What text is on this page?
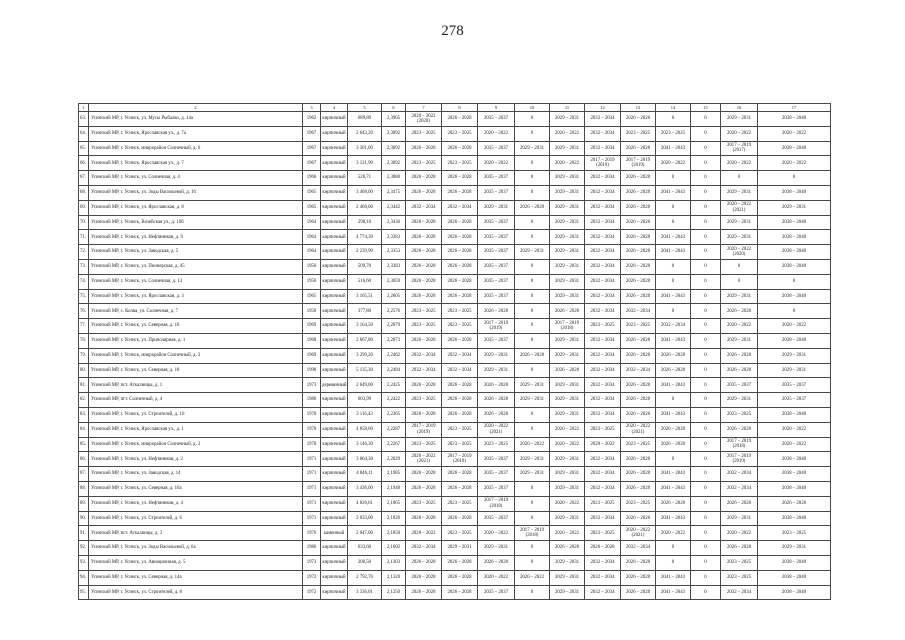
278
1	2	3	4	5	6	7	8	9	10	11	12	13	14	15	16	17
63.	Усинский МР, г. Усинск, ул. Мусы Рыбалко, д. 14а	1962	кирпичный	689,80	2,3905	2020 – 2022 (2020)	2026 – 2028	2035 – 2037	0	2029 – 2031	2032 – 2034	2026 – 2028	0	0	2029 – 2031	2038 – 2040
64.	Усинский МР, г. Усинск, Ярославская ул., д. 7а	1967	кирпичный	2 642,20	2,3892	2023 – 2025	2023 – 2025	2020 – 2022	0	2020 – 2022	2032 – 2034	2023 – 2025	2023 – 2025	0	2020 – 2022	2020 – 2022
65.	Усинский МР, г. Усинск, микрорайон Солнечный, д. 6	1967	кирпичный	3 301,00	2,3892	2026 – 2028	2026 – 2028	2035 – 2037	2029 – 2031	2029 – 2031	2032 – 2034	2026 – 2028	2041 – 2043	0	2017 – 2019 (2017)	2038 – 2040
66.	Усинский МР, г. Усинск, Ярославская ул., д. 7	1967	кирпичный	3 121,90	2,3892	2023 – 2025	2023 – 2025	2020 – 2022	0	2020 – 2022	2017 – 2019 (2019)	2017 – 2019 (2019)	2020 – 2022	0	2020 – 2022	2020 – 2022
67.	Усинский МР, г. Усинск, ул. Солнечная, д. 4	1966	кирпичный	528,71	2,3880	2026 – 2028	2026 – 2028	2035 – 2037	0	2029 – 2031	2032 – 2034	2026 – 2028	0	0	0	0
68.	Усинский МР, г. Усинск, ул. Зоды Васильевой, д. 16	1965	кирпичный	3 468,00	2,3475	2026 – 2028	2026 – 2028	2035 – 2037	0	2029 – 2031	2032 – 2034	2026 – 2028	2041 – 2043	0	2029 – 2031	2038 – 2040
69.	Усинский МР, г. Усинск, ул. Ярославская, д. 8	1965	кирпичный	2 460,00	2,3442	2032 – 2034	2032 – 2034	2029 – 2031	2026 – 2028	2029 – 2031	2032 – 2034	2026 – 2028	0	0	2020 – 2022 (2021)	2029 – 2031
70.	Усинский МР, г. Усинск, Возейская ул., д. 10б	1964	кирпичный	298,10	2,3436	2026 – 2028	2026 – 2028	2035 – 2037	0	2029 – 2031	2032 – 2034	2026 – 2028	0	0	2029 – 2031	2038 – 2040
71.	Усинский МР, г. Усинск, ул. Нефтяников, д. 6	1964	кирпичный	4 774,30	2,3383	2026 – 2028	2026 – 2028	2035 – 2037	0	2029 – 2031	2032 – 2034	2026 – 2028	2041 – 2043	0	2029 – 2031	2038 – 2040
72.	Усинский МР, г. Усинск, ул. Заводская, д. 5	1964	кирпичный	2 239,90	2,3353	2026 – 2028	2026 – 2028	2035 – 2037	2029 – 2031	2029 – 2031	2032 – 2034	2026 – 2028	2041 – 2043	0	2020 – 2022 (2020)	2038 – 2040
73.	Усинский МР, г. Усинск, ул. Пионерская, д. 45	1956	кирпичный	509,70	2,3383	2026 – 2028	2026 – 2028	2035 – 2037	0	2029 – 2031	2032 – 2034	2026 – 2028	0	0	0	2038 – 2040
74.	Усинский МР, г. Усинск, ул. Солнечная, д. 13	1956	кирпичный	516,60	2,3059	2026 – 2028	2026 – 2028	2035 – 2037	0	2029 – 2031	2032 – 2034	2026 – 2028	0	0	0	0
75.	Усинский МР, г. Усинск, ул. Ярославская, д. 3	1965	кирпичный	3 165,51	2,2605	2026 – 2028	2026 – 2028	2035 – 2037	0	2029 – 2031	2032 – 2034	2026 – 2028	2041 – 2043	0	2029 – 2031	2038 – 2040
76.	Усинский МР, с. Колва, ул. Солнечная, д. 7	1950	кирпичный	377,80	2,2576	2023 – 2025	2023 – 2025	2026 – 2028	0	2026 – 2028	2032 – 2034	2032 – 2034	0	0	2026 – 2028	0
77.	Усинский МР, г. Усинск, ул. Северная, д. 16	1969	кирпичный	3 164,50	2,2879	2023 – 2025	2023 – 2025	2017 – 2019 (2019)	0	2017 – 2019 (2018)	2023 – 2025	2023 – 2025	2032 – 2034	0	2020 – 2022	2020 – 2022
78.	Усинский МР, г. Усинск, ул. Приполярная, д. 1	1968	кирпичный	2 667,80	2,2873	2026 – 2028	2026 – 2028	2035 – 2037	0	2029 – 2031	2032 – 2034	2026 – 2028	2041 – 2043	0	2029 – 2031	2038 – 2040
79.	Усинский МР, г. Усинск, микрорайон Солнечный, д. 3	1969	кирпичный	3 299,20	2,2462	2032 – 2034	2032 – 2034	2029 – 2031	2026 – 2028	2029 – 2031	2032 – 2034	2026 – 2028	2026 – 2028	0	2026 – 2028	2029 – 2031
80.	Усинский МР, г. Усинск, ул. Северная, д. 18	1990	кирпичный	5 135,30	2,2484	2032 – 2034	2032 – 2034	2029 – 2031	0	2026 – 2028	2032 – 2034	2032 – 2034	2026 – 2028	0	2026 – 2028	2029 – 2031
81.	Усинский МР, пст. Аткалинцы, д. 1	1973	деревянный	2 649,00	2,2425	2026 – 2028	2026 – 2028	2026 – 2028	2029 – 2031	2029 – 2031	2032 – 2034	2026 – 2028	2041 – 2043	0	2035 – 2037	2035 – 2037
82.	Усинский МР, пгт. Солнечный, д. 4	1986	кирпичный	603,99	2,2422	2023 – 2025	2026 – 2028	2026 – 2028	2029 – 2031	2029 – 2031	2032 – 2034	2026 – 2028	0	0	2029 – 2031	2035 – 2037
83.	Усинский МР, г. Усинск, ул. Строителей, д. 10	1970	кирпичный	3 116,43	2,2365	2026 – 2028	2026 – 2028	2026 – 2028	0	2029 – 2031	2032 – 2034	2026 – 2028	2041 – 2043	0	2023 – 2025	2038 – 2040
84.	Усинский МР, г. Усинск, Ярославская ул., д. 1	1970	кирпичный	4 858,60	2,2287	2017 – 2019 (2019)	2023 – 2025	2020 – 2022 (2021)	0	2020 – 2022	2023 – 2025	2020 – 2022 (2021)	2026 – 2028	0	2026 – 2028	2020 – 2022
85.	Усинский МР, г. Усинск, микрорайон Солнечный, д. 2	1970	кирпичный	3 146,30	2,2267	2023 – 2025	2023 – 2025	2023 – 2025	2020 – 2022	2020 – 2022	2020 – 2022	2023 – 2025	2026 – 2028	0	2017 – 2019 (2018)	2020 – 2022
86.	Усинский МР, г. Усинск, ул. Нефтяников, д. 2	1971	кирпичный	3 664,30	2,2029	2020 – 2022 (2021)	2017 – 2019 (2019)	2035 – 2037	2029 – 2031	2029 – 2031	2032 – 2034	2026 – 2028	0	0	2017 – 2019 (2019)	2038 – 2040
87.	Усинский МР, г. Усинск, ул. Заводская, д. 14	1971	кирпичный	4 846,11	2,1985	2026 – 2028	2026 – 2028	2035 – 2037	2029 – 2031	2029 – 2031	2032 – 2034	2026 – 2028	2041 – 2043	0	2032 – 2034	2038 – 2040
88.	Усинский МР, г. Усинск, ул. Северная, д. 16а	1971	кирпичный	3 436,00	2,1948	2026 – 2028	2026 – 2028	2035 – 2037	0	2029 – 2031	2032 – 2034	2026 – 2028	2041 – 2043	0	2032 – 2034	2038 – 2040
89.	Усинский МР, г. Усинск, ул. Нефтяников, д. 4	1971	кирпичный	4 826,61	2,1865	2023 – 2025	2023 – 2025	2017 – 2019 (2018)	0	2020 – 2022	2023 – 2025	2023 – 2025	2026 – 2028	0	2026 – 2028	2026 – 2028
90.	Усинский МР, г. Усинск, ул. Строителей, д. 6	1971	кирпичный	2 033,00	2,1826	2026 – 2028	2026 – 2028	2035 – 2037	0	2029 – 2031	2032 – 2034	2026 – 2028	2041 – 2043	0	2029 – 2031	2038 – 2040
91.	Усинский МР, пст. Аткалинцы, д. 3	1976	каменный	2 647,00	2,1850	2020 – 2022	2023 – 2025	2020 – 2022	2017 – 2019 (2018)	2020 – 2022	2023 – 2025	2020 – 2022 (2021)	2020 – 2022	0	2020 – 2022	2023 – 2025
92.	Усинский МР, г. Усинск, ул. Зоды Васильевой, д. 6а	1986	кирпичный	633,60	2,1602	2032 – 2034	2029 – 2031	2029 – 2031	0	2026 – 2028	2026 – 2028	2032 – 2034	0	0	2026 – 2028	2029 – 2031
93.	Усинский МР, г. Усинск, ул. Авиационная, д. 5	1973	кирпичный	200,50	2,1303	2026 – 2028	2026 – 2028	2026 – 2028	0	2029 – 2031	2032 – 2034	2026 – 2028	0	0	2023 – 2025	2038 – 2040
94.	Усинский МР, г. Усинск, ул. Северная, д. 14а	1972	кирпичный	2 792,70	2,1320	2026 – 2028	2026 – 2028	2020 – 2022	2020 – 2022	2029 – 2031	2032 – 2034	2026 – 2028	2041 – 2043	0	2023 – 2025	2038 – 2040
95.	Усинский МР, г. Усинск, ул. Строителей, д. 8	1972	кирпичный	3 336,01	2,1250	2026 – 2028	2026 – 2028	2035 – 2037	0	2029 – 2031	2032 – 2034	2026 – 2028	2041 – 2043	0	2032 – 2034	2038 – 2040
